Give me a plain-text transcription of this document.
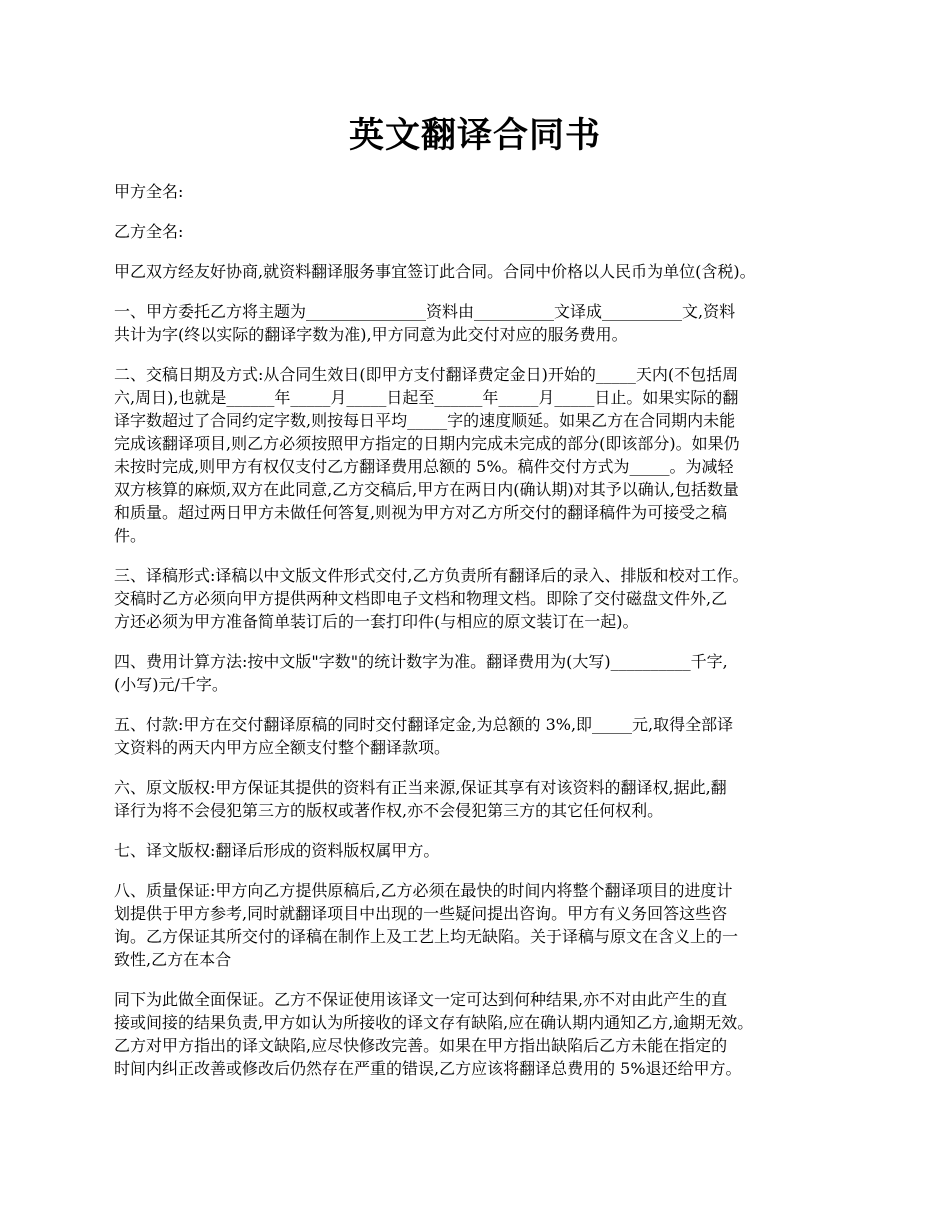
英文翻译合同书
甲方全名:
乙方全名:
甲乙双方经友好协商,就资料翻译服务事宜签订此合同。合同中价格以人民币为单位(含税)。
一、甲方委托乙方将主题为_______________资料由__________文译成__________文,资料
共计为字(终以实际的翻译字数为准),甲方同意为此交付对应的服务费用。
二、交稿日期及方式:从合同生效日(即甲方支付翻译费定金日)开始的_____天内(不包括周
六,周日),也就是______年_____月_____日起至______年_____月_____日止。如果实际的翻
译字数超过了合同约定字数,则按每日平均_____字的速度顺延。如果乙方在合同期内未能
完成该翻译项目,则乙方必须按照甲方指定的日期内完成未完成的部分(即该部分)。如果仍
未按时完成,则甲方有权仅支付乙方翻译费用总额的 5%。稿件交付方式为_____。为减轻
双方核算的麻烦,双方在此同意,乙方交稿后,甲方在两日内(确认期)对其予以确认,包括数量
和质量。超过两日甲方未做任何答复,则视为甲方对乙方所交付的翻译稿件为可接受之稿
件。
三、译稿形式:译稿以中文版文件形式交付,乙方负责所有翻译后的录入、排版和校对工作。
交稿时乙方必须向甲方提供两种文档即电子文档和物理文档。即除了交付磁盘文件外,乙
方还必须为甲方准备简单装订后的一套打印件(与相应的原文装订在一起)。
四、费用计算方法:按中文版"字数"的统计数字为准。翻译费用为(大写)__________千字,
(小写)元/千字。
五、付款:甲方在交付翻译原稿的同时交付翻译定金,为总额的 3%,即_____元,取得全部译
文资料的两天内甲方应全额支付整个翻译款项。
六、原文版权:甲方保证其提供的资料有正当来源,保证其享有对该资料的翻译权,据此,翻
译行为将不会侵犯第三方的版权或著作权,亦不会侵犯第三方的其它任何权利。
七、译文版权:翻译后形成的资料版权属甲方。
八、质量保证:甲方向乙方提供原稿后,乙方必须在最快的时间内将整个翻译项目的进度计
划提供于甲方参考,同时就翻译项目中出现的一些疑问提出咨询。甲方有义务回答这些咨
询。乙方保证其所交付的译稿在制作上及工艺上均无缺陷。关于译稿与原文在含义上的一
致性,乙方在本合
同下为此做全面保证。乙方不保证使用该译文一定可达到何种结果,亦不对由此产生的直
接或间接的结果负责,甲方如认为所接收的译文存有缺陷,应在确认期内通知乙方,逾期无效。
乙方对甲方指出的译文缺陷,应尽快修改完善。如果在甲方指出缺陷后乙方未能在指定的
时间内纠正改善或修改后仍然存在严重的错误,乙方应该将翻译总费用的 5%退还给甲方。
